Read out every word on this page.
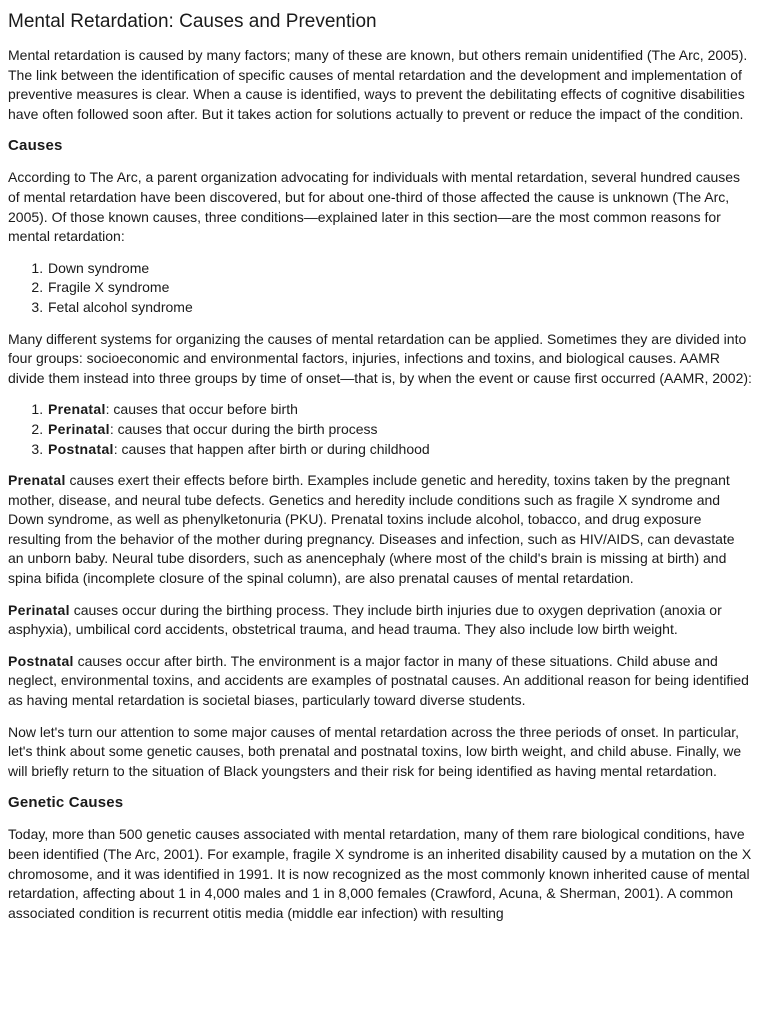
Mental Retardation: Causes and Prevention

Mental retardation is caused by many factors; many of these are known, but others remain unidentified (The Arc, 2005). The link between the identification of specific causes of mental retardation and the development and implementation of preventive measures is clear. When a cause is identified, ways to prevent the debilitating effects of cognitive disabilities have often followed soon after. But it takes action for solutions actually to prevent or reduce the impact of the condition.

Causes

According to The Arc, a parent organization advocating for individuals with mental retardation, several hundred causes of mental retardation have been discovered, but for about one-third of those affected the cause is unknown (The Arc, 2005). Of those known causes, three conditions—explained later in this section—are the most common reasons for mental retardation:

1. Down syndrome
2. Fragile X syndrome
3. Fetal alcohol syndrome

Many different systems for organizing the causes of mental retardation can be applied. Sometimes they are divided into four groups: socioeconomic and environmental factors, injuries, infections and toxins, and biological causes. AAMR divide them instead into three groups by time of onset—that is, by when the event or cause first occurred (AAMR, 2002):

1. Prenatal: causes that occur before birth
2. Perinatal: causes that occur during the birth process
3. Postnatal: causes that happen after birth or during childhood

Prenatal causes exert their effects before birth. Examples include genetic and heredity, toxins taken by the pregnant mother, disease, and neural tube defects. Genetics and heredity include conditions such as fragile X syndrome and Down syndrome, as well as phenylketonuria (PKU). Prenatal toxins include alcohol, tobacco, and drug exposure resulting from the behavior of the mother during pregnancy. Diseases and infection, such as HIV/AIDS, can devastate an unborn baby. Neural tube disorders, such as anencephaly (where most of the child's brain is missing at birth) and spina bifida (incomplete closure of the spinal column), are also prenatal causes of mental retardation.

Perinatal causes occur during the birthing process. They include birth injuries due to oxygen deprivation (anoxia or asphyxia), umbilical cord accidents, obstetrical trauma, and head trauma. They also include low birth weight.

Postnatal causes occur after birth. The environment is a major factor in many of these situations. Child abuse and neglect, environmental toxins, and accidents are examples of postnatal causes. An additional reason for being identified as having mental retardation is societal biases, particularly toward diverse students.

Now let's turn our attention to some major causes of mental retardation across the three periods of onset. In particular, let's think about some genetic causes, both prenatal and postnatal toxins, low birth weight, and child abuse. Finally, we will briefly return to the situation of Black youngsters and their risk for being identified as having mental retardation.

Genetic Causes

Today, more than 500 genetic causes associated with mental retardation, many of them rare biological conditions, have been identified (The Arc, 2001). For example, fragile X syndrome is an inherited disability caused by a mutation on the X chromosome, and it was identified in 1991. It is now recognized as the most commonly known inherited cause of mental retardation, affecting about 1 in 4,000 males and 1 in 8,000 females (Crawford, Acuna, & Sherman, 2001). A common associated condition is recurrent otitis media (middle ear infection) with resulting
